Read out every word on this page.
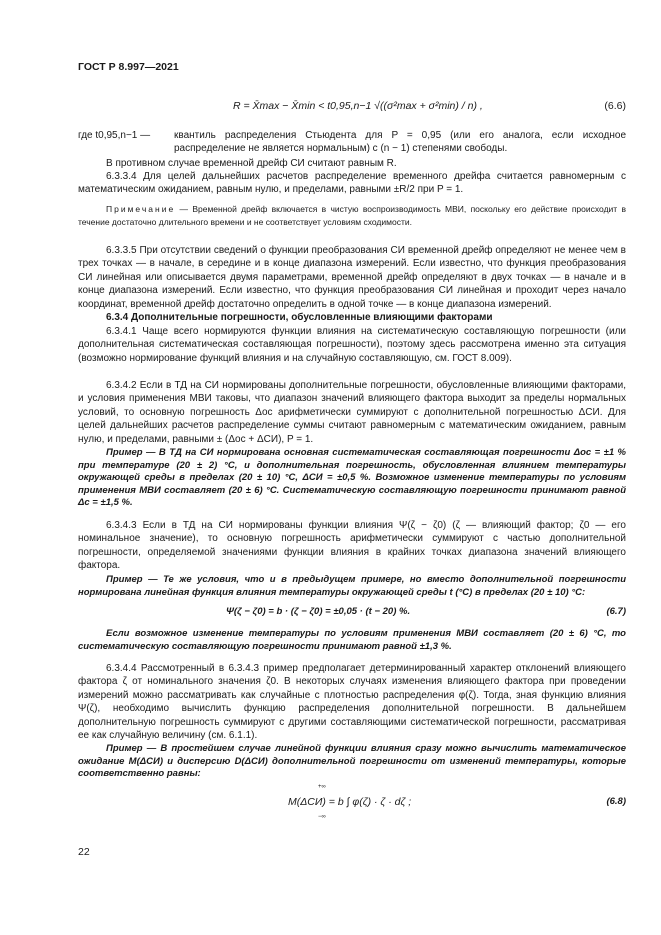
ГОСТ Р 8.997—2021
R = X̄max − X̄min < t0,95,n−1 √((σ²max + σ²min) / n) ,	(6.6)
где t0,95,n−1 —	квантиль распределения Стьюдента для P = 0,95 (или его аналога, если исходное распределение не является нормальным) с (n − 1) степенями свободы.
В противном случае временной дрейф СИ считают равным R.
6.3.3.4 Для целей дальнейших расчетов распределение временного дрейфа считается равномерным с математическим ожиданием, равным нулю, и пределами, равными ±R/2 при P = 1.
Примечание — Временной дрейф включается в чистую воспроизводимость МВИ, поскольку его действие происходит в течение достаточно длительного времени и не соответствует условиям сходимости.
6.3.3.5 При отсутствии сведений о функции преобразования СИ временной дрейф определяют не менее чем в трех точках — в начале, в середине и в конце диапазона измерений. Если известно, что функция преобразования СИ линейная или описывается двумя параметрами, временной дрейф определяют в двух точках — в начале и в конце диапазона измерений. Если известно, что функция преобразования СИ линейная и проходит через начало координат, временной дрейф достаточно определить в одной точке — в конце диапазона измерений.
6.3.4 Дополнительные погрешности, обусловленные влияющими факторами
6.3.4.1 Чаще всего нормируются функции влияния на систематическую составляющую погрешности (или дополнительная систематическая составляющая погрешности), поэтому здесь рассмотрена именно эта ситуация (возможно нормирование функций влияния и на случайную составляющую, см. ГОСТ 8.009).
6.3.4.2 Если в ТД на СИ нормированы дополнительные погрешности, обусловленные влияющими факторами, и условия применения МВИ таковы, что диапазон значений влияющего фактора выходит за пределы нормальных условий, то основную погрешность Δос арифметически суммируют с дополнительной погрешностью ΔСИ. Для целей дальнейших расчетов распределение суммы считают равномерным с математическим ожиданием, равным нулю, и пределами, равными ± (Δос + ΔСИ), P = 1.
Пример — В ТД на СИ нормирована основная систематическая составляющая погрешности Δос = ±1 % при температуре (20 ± 2) °С, и дополнительная погрешность, обусловленная влиянием температуры окружающей среды в пределах (20 ± 10) °С, ΔСИ = ±0,5 %. Возможное изменение температуры по условиям применения МВИ составляет (20 ± 6) °С. Систематическую составляющую погрешности принимают равной Δс = ±1,5 %.
6.3.4.3 Если в ТД на СИ нормированы функции влияния Ψ(ζ − ζ0) (ζ — влияющий фактор; ζ0 — его номинальное значение), то основную погрешность арифметически суммируют с частью дополнительной погрешности, определяемой значениями функции влияния в крайних точках диапазона значений влияющего фактора.
Пример — Те же условия, что и в предыдущем примере, но вместо дополнительной погрешности нормирована линейная функция влияния температуры окружающей среды t (°С) в пределах (20 ± 10) °С:
Ψ(ζ − ζ0) = b · (ζ − ζ0) = ±0,05 · (t − 20) %.	(6.7)
Если возможное изменение температуры по условиям применения МВИ составляет (20 ± 6) °С, то систематическую составляющую погрешности принимают равной ±1,3 %.
6.3.4.4 Рассмотренный в 6.3.4.3 пример предполагает детерминированный характер отклонений влияющего фактора ζ от номинального значения ζ0. В некоторых случаях изменения влияющего фактора при проведении измерений можно рассматривать как случайные с плотностью распределения φ(ζ). Тогда, зная функцию влияния Ψ(ζ), необходимо вычислить функцию распределения дополнительной погрешности. В дальнейшем дополнительную погрешность суммируют с другими составляющими систематической погрешности, рассматривая ее как случайную величину (см. 6.1.1).
Пример — В простейшем случае линейной функции влияния сразу можно вычислить математическое ожидание M(ΔСИ) и дисперсию D(ΔСИ) дополнительной погрешности от изменений температуры, которые соответственно равны:
+∞
M(ΔСИ) = b ∫ φ(ζ) · ζ · dζ ;
−∞
(6.8)
22
